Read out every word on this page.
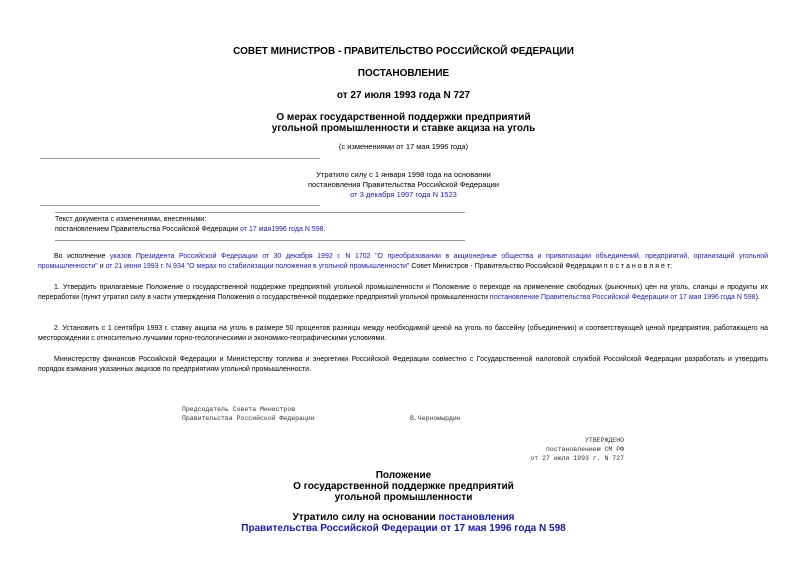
СОВЕТ МИНИСТРОВ - ПРАВИТЕЛЬСТВО РОССИЙСКОЙ ФЕДЕРАЦИИ
ПОСТАНОВЛЕНИЕ
от 27 июля 1993 года N 727
О мерах государственной поддержки предприятий
угольной промышленности и ставке акциза на уголь
(с изменениями от 17 мая 1996 года)
Утратило силу с 1 января 1998 года на основании
постановления Правительства Российской Федерации
от 3 декабря 1997 года N 1523
Текст документа с изменениями, внесенными:
постановлением Правительства Российской Федерации от 17 мая1996 года N 598.
Во исполнение указов Президента Российской Федерации от 30 декабря 1992 г. N 1702 "О преобразовании в акционерные общества и приватизации объединений, предприятий, организаций угольной промышленности" и от 21 июня 1993 г. N 934 "О мерах по стабилизации положения в угольной промышленности" Совет Министров - Правительство Российской Федерации п о с т а н о в л я е т:
1. Утвердить прилагаемые Положение о государственной поддержке предприятий угольной промышленности и Положение о переходе на применение свободных (рыночных) цен на уголь, сланцы и продукты их переработки (пункт утратил силу в части утверждения Положения о государственной поддержке предприятий угольной промышленности постановление Правительства Российской Федерации от 17 мая 1996 года N 598).
2. Установить с 1 сентября 1993 г. ставку акциза на уголь в размере 50 процентов разницы между необходимой ценой на уголь по бассейну (объединению) и соответствующей ценой предприятия, работающего на месторождении с относительно лучшими горно-геологическими и экономико-географическими условиями.
Министерству финансов Российской Федерации и Министерству топлива и энергетики Российской Федерации совместно с Государственной налоговой службой Российской Федерации разработать и утвердить порядок взимания указанных акцизов по предприятиям угольной промышленности.
Председатель Совета Министров
Правительства Российской Федерации	В.Черномырдин
УТВЕРЖДЕНО
постановлением СМ РФ
от 27 июля 1993 г. N 727
Положение
О государственной поддержке предприятий
угольной промышленности
Утратило силу на основании постановления
Правительства Российской Федерации от 17 мая 1996 года N 598
